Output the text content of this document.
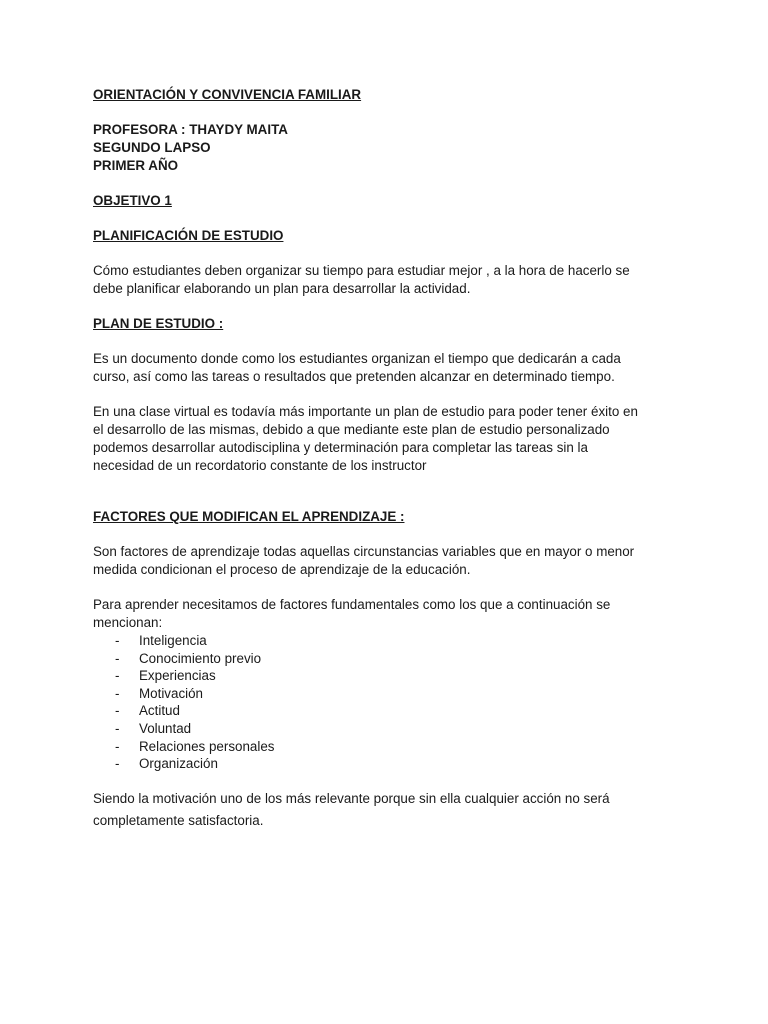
ORIENTACIÓN Y CONVIVENCIA FAMILIAR

PROFESORA : THAYDY MAITA

SEGUNDO LAPSO

PRIMER AÑO

OBJETIVO 1

PLANIFICACIÓN DE ESTUDIO

Cómo estudiantes deben organizar su tiempo para estudiar mejor , a la hora de hacerlo se

debe planificar elaborando un plan para desarrollar la actividad.

PLAN DE ESTUDIO :

Es un documento donde como los estudiantes organizan el tiempo que dedicarán a cada

curso, así como las tareas o resultados que pretenden alcanzar en determinado tiempo.

En una clase virtual es todavía más importante un plan de estudio para poder tener éxito en

el desarrollo de las mismas, debido a que mediante este plan de estudio personalizado

podemos desarrollar autodisciplina y determinación para completar las tareas sin la

necesidad de un recordatorio constante de los instructor

FACTORES QUE MODIFICAN EL APRENDIZAJE :

Son factores de aprendizaje todas aquellas circunstancias variables que en mayor o menor

medida condicionan el proceso de aprendizaje de la educación.

Para aprender necesitamos de factores fundamentales como los que a continuación se

mencionan:

- Inteligencia
- Conocimiento previo
- Experiencias
- Motivación
- Actitud
- Voluntad
- Relaciones personales
- Organización

Siendo la motivación uno de los más relevante porque sin ella cualquier acción no será

completamente satisfactoria.
